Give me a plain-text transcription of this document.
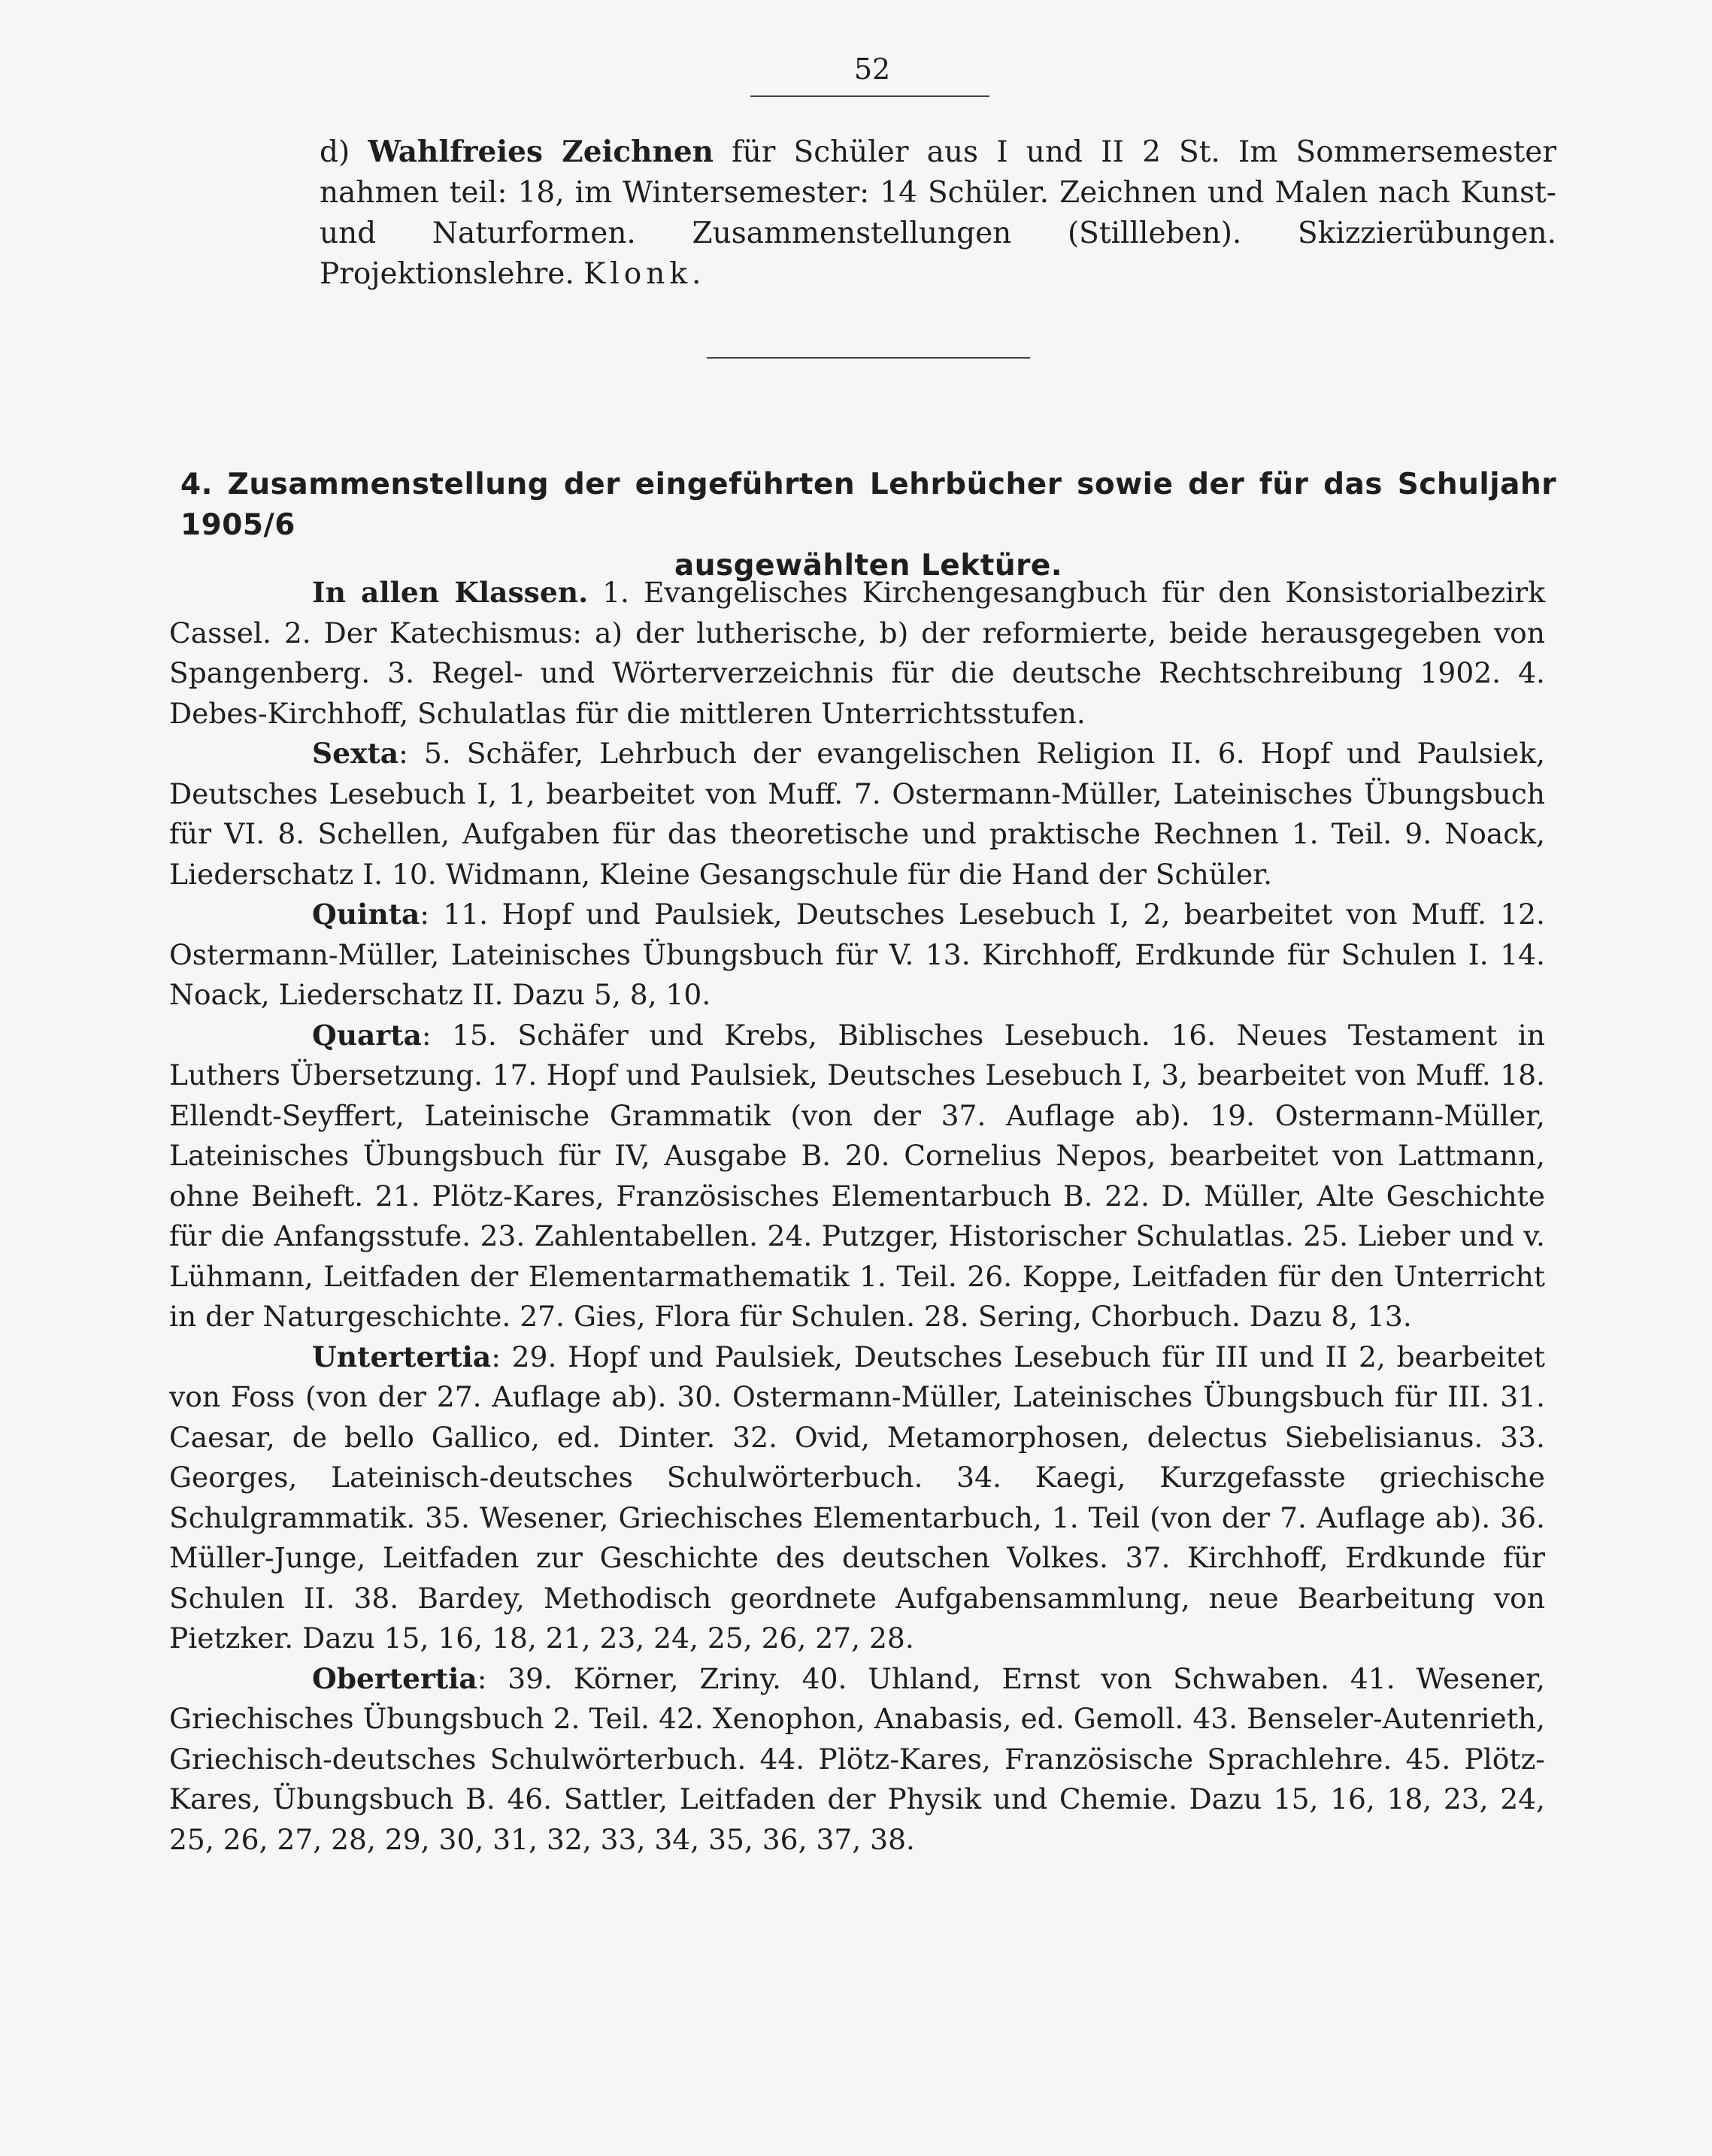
52
d) Wahlfreies Zeichnen für Schüler aus I und II 2 St. Im Sommersemester nahmen teil: 18, im Wintersemester: 14 Schüler. Zeichnen und Malen nach Kunst- und Naturformen. Zusammenstellungen (Stillleben). Skizzierübungen. Projektionslehre. Klonk.
4. Zusammenstellung der eingeführten Lehrbücher sowie der für das Schuljahr 1905/6
ausgewählten Lektüre.

In allen Klassen. 1. Evangelisches Kirchengesangbuch für den Konsistorialbezirk Cassel. 2. Der Katechismus: a) der lutherische, b) der reformierte, beide herausgegeben von Spangenberg. 3. Regel- und Wörterverzeichnis für die deutsche Rechtschreibung 1902. 4. Debes-Kirchhoff, Schulatlas für die mittleren Unterrichtsstufen.

Sexta: 5. Schäfer, Lehrbuch der evangelischen Religion II. 6. Hopf und Paulsiek, Deutsches Lesebuch I, 1, bearbeitet von Muff. 7. Ostermann-Müller, Lateinisches Übungsbuch für VI. 8. Schellen, Aufgaben für das theoretische und praktische Rechnen 1. Teil. 9. Noack, Liederschatz I. 10. Widmann, Kleine Gesangschule für die Hand der Schüler.

Quinta: 11. Hopf und Paulsiek, Deutsches Lesebuch I, 2, bearbeitet von Muff. 12. Ostermann-Müller, Lateinisches Übungsbuch für V. 13. Kirchhoff, Erdkunde für Schulen I. 14. Noack, Liederschatz II. Dazu 5, 8, 10.

Quarta: 15. Schäfer und Krebs, Biblisches Lesebuch. 16. Neues Testament in Luthers Übersetzung. 17. Hopf und Paulsiek, Deutsches Lesebuch I, 3, bearbeitet von Muff. 18. Ellendt-Seyffert, Lateinische Grammatik (von der 37. Auflage ab). 19. Ostermann-Müller, Lateinisches Übungsbuch für IV, Ausgabe B. 20. Cornelius Nepos, bearbeitet von Lattmann, ohne Beiheft. 21. Plötz-Kares, Französisches Elementarbuch B. 22. D. Müller, Alte Geschichte für die Anfangsstufe. 23. Zahlentabellen. 24. Putzger, Historischer Schulatlas. 25. Lieber und v. Lühmann, Leitfaden der Elementarmathematik 1. Teil. 26. Koppe, Leitfaden für den Unterricht in der Naturgeschichte. 27. Gies, Flora für Schulen. 28. Sering, Chorbuch. Dazu 8, 13.

Untertertia: 29. Hopf und Paulsiek, Deutsches Lesebuch für III und II 2, bearbeitet von Foss (von der 27. Auflage ab). 30. Ostermann-Müller, Lateinisches Übungsbuch für III. 31. Caesar, de bello Gallico, ed. Dinter. 32. Ovid, Metamorphosen, delectus Siebelisianus. 33. Georges, Lateinisch-deutsches Schulwörterbuch. 34. Kaegi, Kurzgefasste griechische Schulgrammatik. 35. Wesener, Griechisches Elementarbuch, 1. Teil (von der 7. Auflage ab). 36. Müller-Junge, Leitfaden zur Geschichte des deutschen Volkes. 37. Kirchhoff, Erdkunde für Schulen II. 38. Bardey, Methodisch geordnete Aufgabensammlung, neue Bearbeitung von Pietzker. Dazu 15, 16, 18, 21, 23, 24, 25, 26, 27, 28.

Obertertia: 39. Körner, Zriny. 40. Uhland, Ernst von Schwaben. 41. Wesener, Griechisches Übungsbuch 2. Teil. 42. Xenophon, Anabasis, ed. Gemoll. 43. Benseler-Autenrieth, Griechisch-deutsches Schulwörterbuch. 44. Plötz-Kares, Französische Sprachlehre. 45. Plötz-Kares, Übungsbuch B. 46. Sattler, Leitfaden der Physik und Chemie. Dazu 15, 16, 18, 23, 24, 25, 26, 27, 28, 29, 30, 31, 32, 33, 34, 35, 36, 37, 38.
